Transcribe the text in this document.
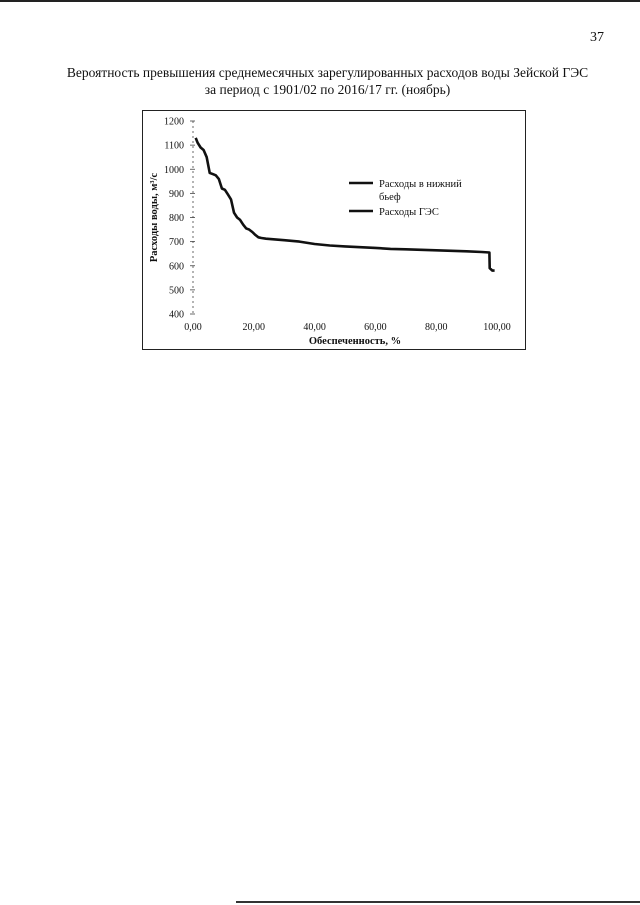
37
Вероятность превышения среднемесячных зарегулированных расходов воды Зейской ГЭС
за период с 1901/02 по 2016/17 гг. (ноябрь)
400
500
600
700
800
900
1000
1100
1200
0,00	20,00	40,00	60,00	80,00	100,00
Обеспеченность, %
Расходы воды, м³/с	Расходы в нижний
бьеф
Расходы ГЭС
